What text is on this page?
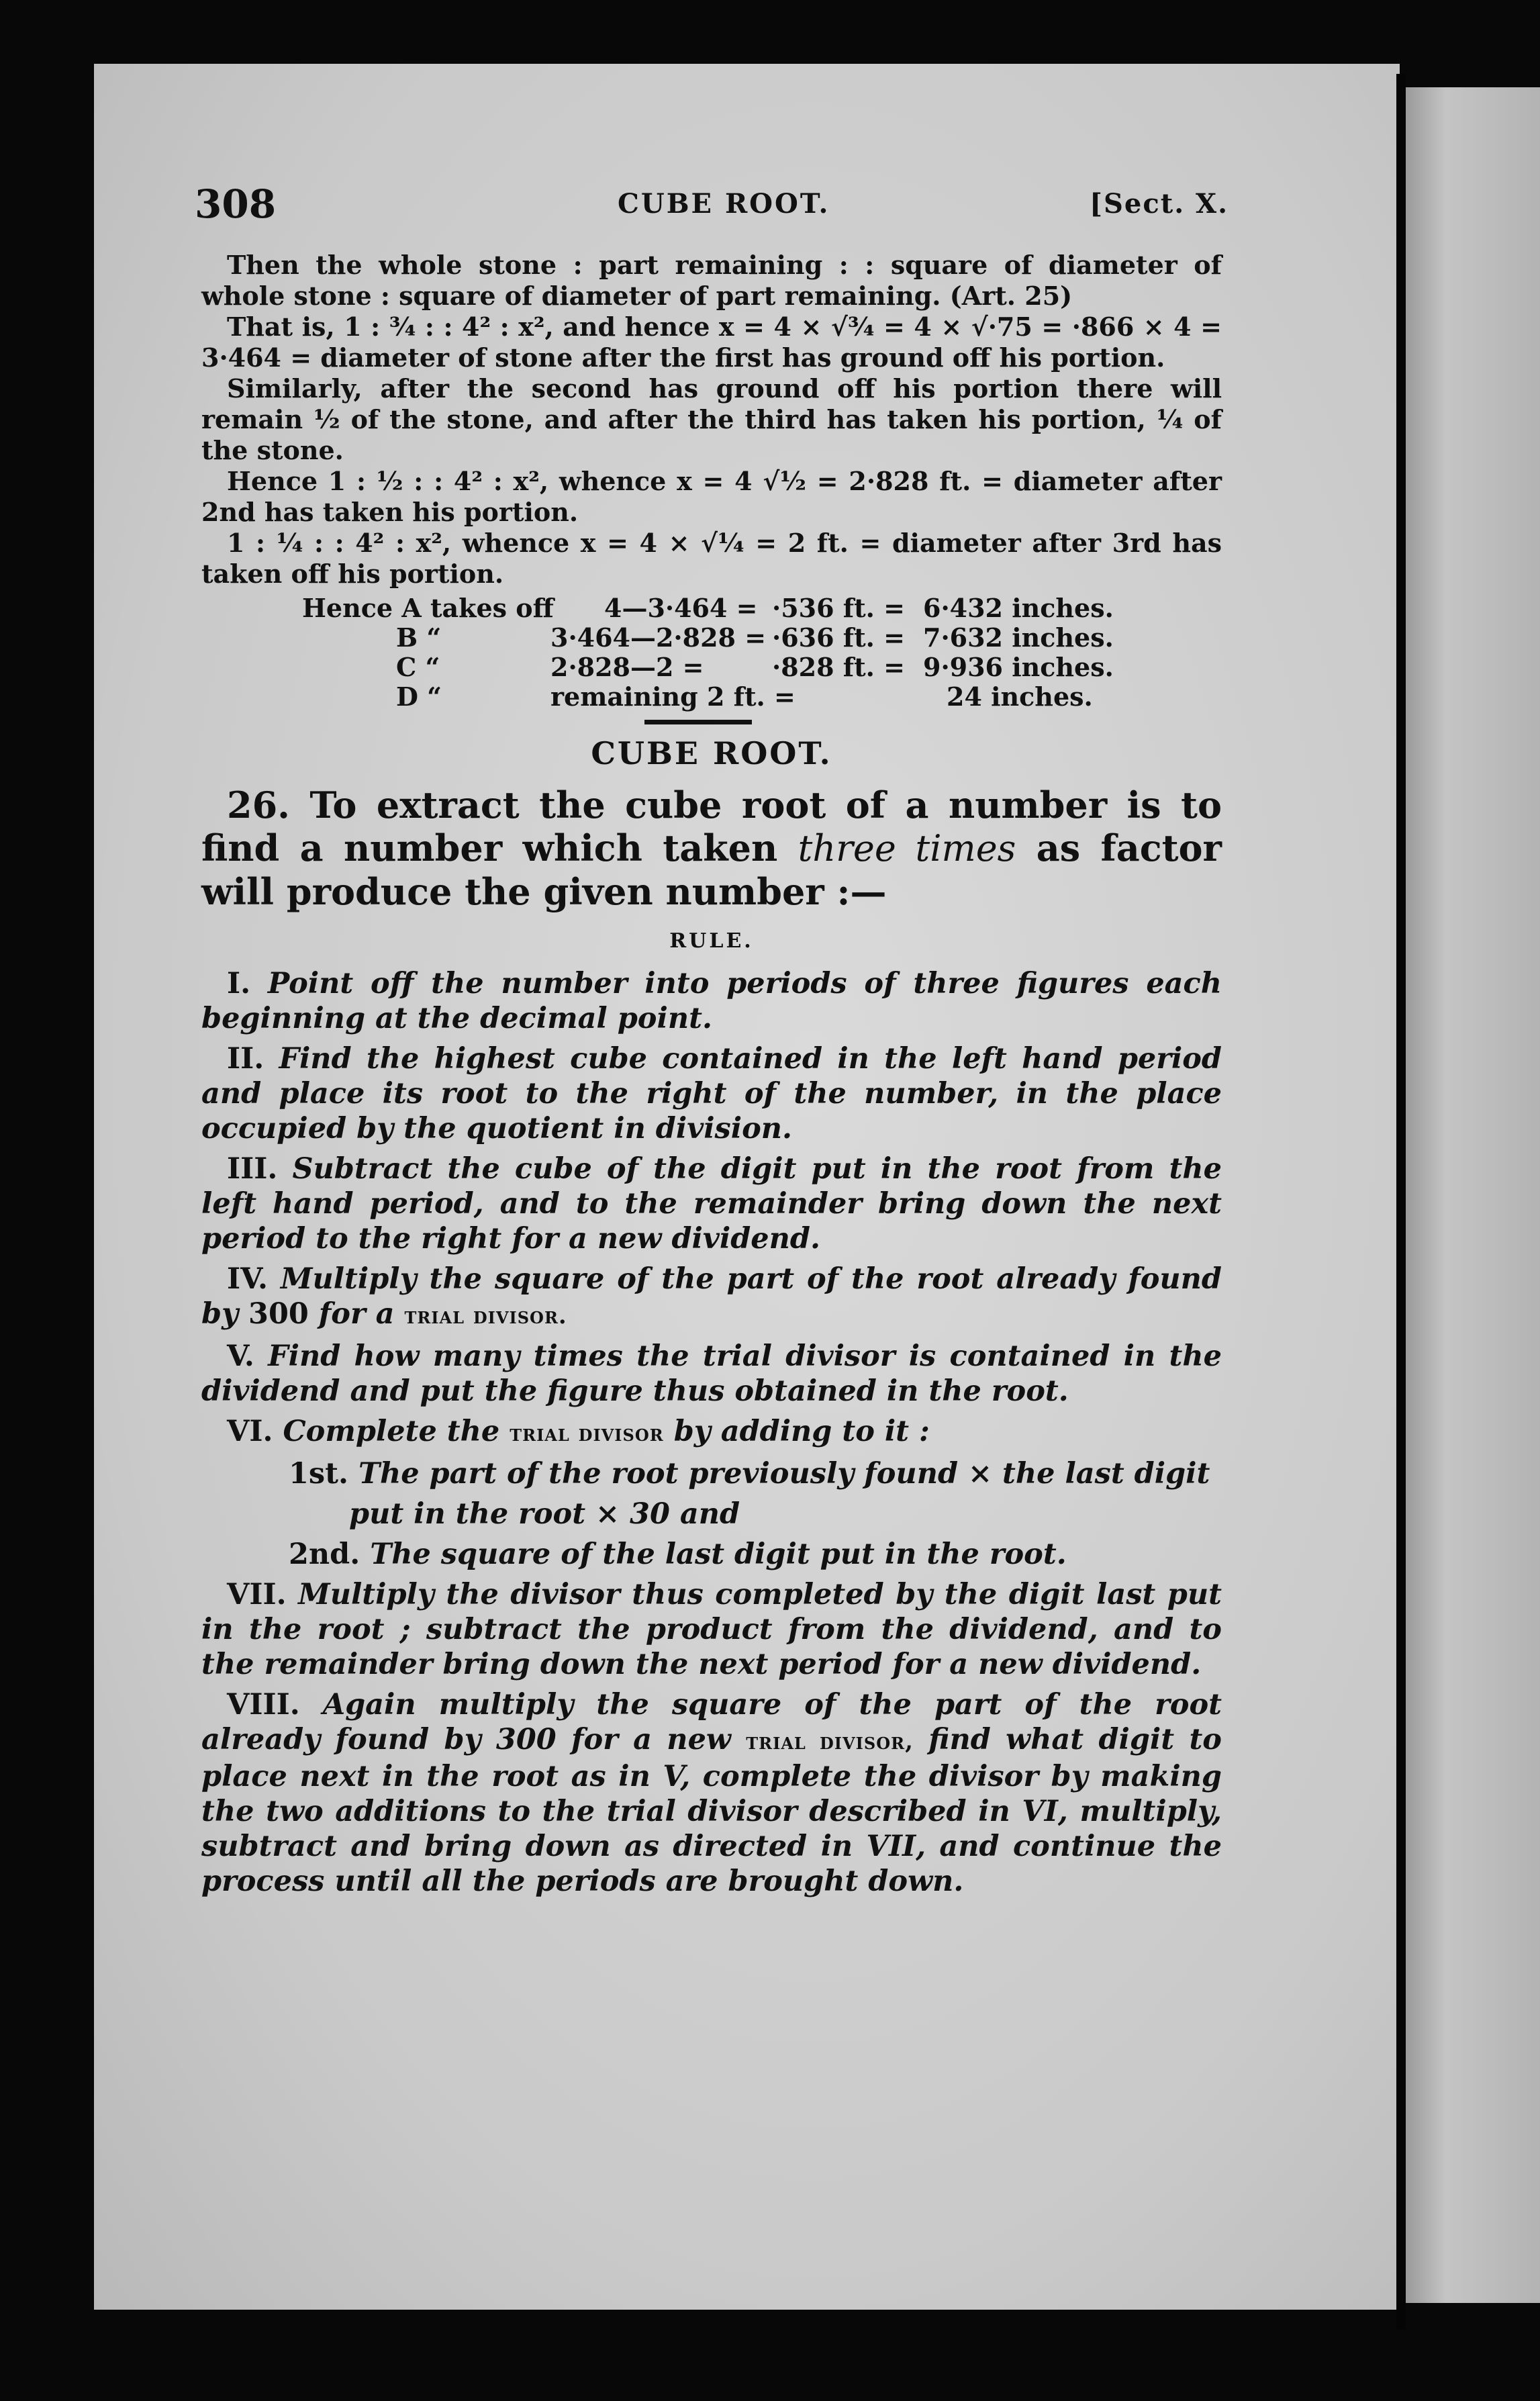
308	CUBE ROOT.	[Sect. X.

Then the whole stone : part remaining : : square of diameter of whole stone : square of diameter of part remaining. (Art. 25)

That is, 1 : ¾ : : 4² : x², and hence x = 4 × √¾ = 4 × √·75 = ·866 × 4 = 3·464 = diameter of stone after the first has ground off his portion.

Similarly, after the second has ground off his portion there will remain ½ of the stone, and after the third has taken his portion, ¼ of the stone.

Hence 1 : ½ : : 4² : x², whence x = 4 √½ = 2·828 ft. = diameter after 2nd has taken his portion.

1 : ¼ : : 4² : x², whence x = 4 × √¼ = 2 ft. = diameter after 3rd has taken off his portion.

Hence A takes off 4—3·464 = ·536 ft. = 6·432 inches.
B “	3·464—2·828 = ·636 ft. = 7·632 inches.
C “	2·828—2 =	·828 ft. = 9·936 inches.
D “	remaining 2 ft. =	24 inches.
CUBE ROOT.

26. To extract the cube root of a number is to find a number which taken three times as factor will produce the given number :—

RULE.

I. Point off the number into periods of three figures each beginning at the decimal point.

II. Find the highest cube contained in the left hand period and place its root to the right of the number, in the place occupied by the quotient in division.

III. Subtract the cube of the digit put in the root from the left hand period, and to the remainder bring down the next period to the right for a new dividend.

IV. Multiply the square of the part of the root already found by 300 for a trial divisor.

V. Find how many times the trial divisor is contained in the dividend and put the figure thus obtained in the root.

VI. Complete the trial divisor by adding to it :

1st. The part of the root previously found × the last digit

put in the root × 30 and

2nd. The square of the last digit put in the root.

VII. Multiply the divisor thus completed by the digit last put in the root ; subtract the product from the dividend, and to the remainder bring down the next period for a new dividend.

VIII. Again multiply the square of the part of the root already found by 300 for a new trial divisor, find what digit to place next in the root as in V, complete the divisor by making the two additions to the trial divisor described in VI, multiply, subtract and bring down as directed in VII, and continue the process until all the periods are brought down.
